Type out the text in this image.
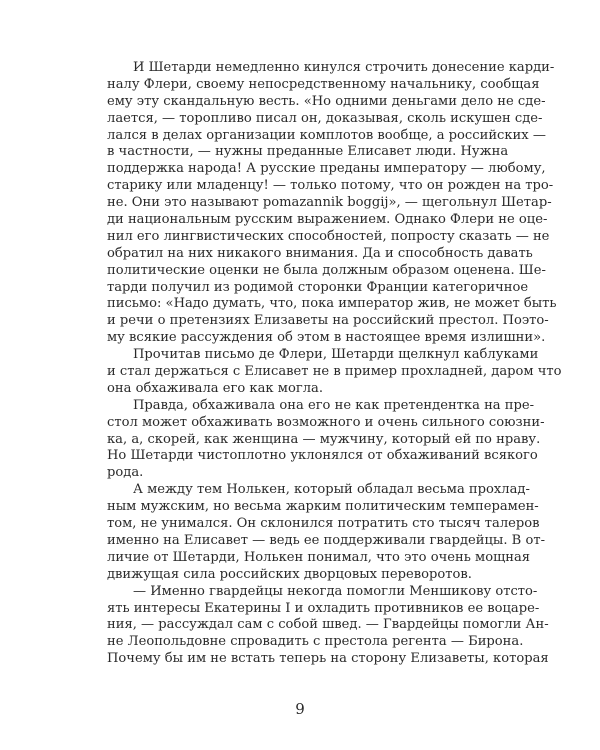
И Шетарди немедленно кинулся строчить донесение карди-
налу Флери, своему непосредственному начальнику, сообщая
ему эту скандальную весть. «Но одними деньгами дело не сде-
лается, — торопливо писал он, доказывая, сколь искушен сде-
лался в делах организации комплотов вообще, а российских —
в частности, — нужны преданные Елисавет люди. Нужна
поддержка народа! А русские преданы императору — любому,
старику или младенцу! — только потому, что он рожден на тро-
не. Они это называют pomazannik boggij», — щегольнул Шетар-
ди национальным русским выражением. Однако Флери не оце-
нил его лингвистических способностей, попросту сказать — не
обратил на них никакого внимания. Да и способность давать
политические оценки не была должным образом оценена. Ше-
тарди получил из родимой сторонки Франции категоричное
письмо: «Надо думать, что, пока император жив, не может быть
и речи о претензиях Елизаветы на российский престол. Поэто-
му всякие рассуждения об этом в настоящее время излишни».
Прочитав письмо де Флери, Шетарди щелкнул каблуками
и стал держаться с Елисавет не в пример прохладней, даром что
она обхаживала его как могла.
Правда, обхаживала она его не как претендентка на пре-
стол может обхаживать возможного и очень сильного союзни-
ка, а, скорей, как женщина — мужчину, который ей по нраву.
Но Шетарди чистоплотно уклонялся от обхаживаний всякого
рода.
А между тем Нолькен, который обладал весьма прохлад-
ным мужским, но весьма жарким политическим темперамен-
том, не унимался. Он склонился потратить сто тысяч талеров
именно на Елисавет — ведь ее поддерживали гвардейцы. В от-
личие от Шетарди, Нолькен понимал, что это очень мощная
движущая сила российских дворцовых переворотов.
— Именно гвардейцы некогда помогли Меншикову отсто-
ять интересы Екатерины I и охладить противников ее воцаре-
ния, — рассуждал сам с собой швед. — Гвардейцы помогли Ан-
не Леопольдовне спровадить с престола регента — Бирона.
Почему бы им не встать теперь на сторону Елизаветы, которая
9
